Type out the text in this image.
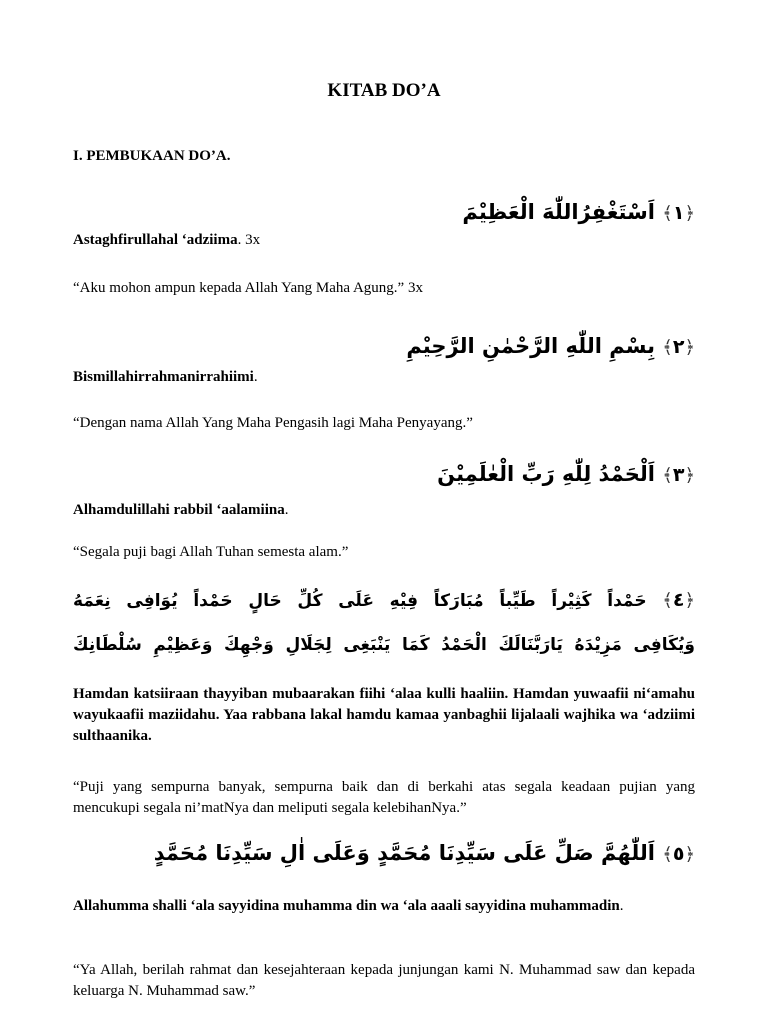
KITAB DO’A
I. PEMBUKAAN DO’A.
﴿١﴾ اَسْتَغْفِرُاللّٰهَ الْعَظِيْمَ
Astaghfirullahal ‘adziima. 3x
“Aku mohon ampun kepada Allah Yang Maha Agung.” 3x
﴿٢﴾ بِسْمِ اللّٰهِ الرَّحْمٰنِ الرَّحِيْمِ
Bismillahirrahmanirrahiimi.
“Dengan nama Allah Yang Maha Pengasih lagi Maha Penyayang.”
﴿٣﴾ اَلْحَمْدُ لِلّٰهِ رَبِّ الْعٰلَمِيْنَ
Alhamdulillahi rabbil ‘aalamiina.
“Segala puji bagi Allah Tuhan semesta alam.”
﴿٤﴾ حَمْداً كَثِيْراً طَيِّباً مُبَارَكاً فِيْهِ عَلَى كُلِّ حَالٍ حَمْداً يُوَافِى نِعَمَهُ
وَيُكَافِى مَزِيْدَهُ يَارَبَّنَالَكَ الْحَمْدُ كَمَا يَنْبَغِى لِجَلَالِ وَجْهِكَ وَعَظِيْمِ سُلْطَانِكَ
Hamdan katsiiraan thayyiban mubaarakan fiihi ‘alaa kulli haaliin. Hamdan yuwaafii ni‘amahu wayukaafii maziidahu. Yaa rabbana lakal hamdu kamaa yanbaghii lijalaali wajhika wa ‘adziimi sulthaanika.
“Puji yang sempurna banyak, sempurna baik dan di berkahi atas segala keadaan pujian yang mencukupi segala ni’matNya dan meliputi segala kelebihanNya.”
﴿٥﴾ اَللّٰهُمَّ صَلِّ عَلَى سَيِّدِنَا مُحَمَّدٍ وَعَلَى اٰلِ سَيِّدِنَا مُحَمَّدٍ
Allahumma shalli ‘ala sayyidina muhamma din wa ‘ala aaali sayyidina muhammadin.
“Ya Allah, berilah rahmat dan kesejahteraan kepada junjungan kami N. Muhammad saw dan kepada keluarga N. Muhammad saw.”
